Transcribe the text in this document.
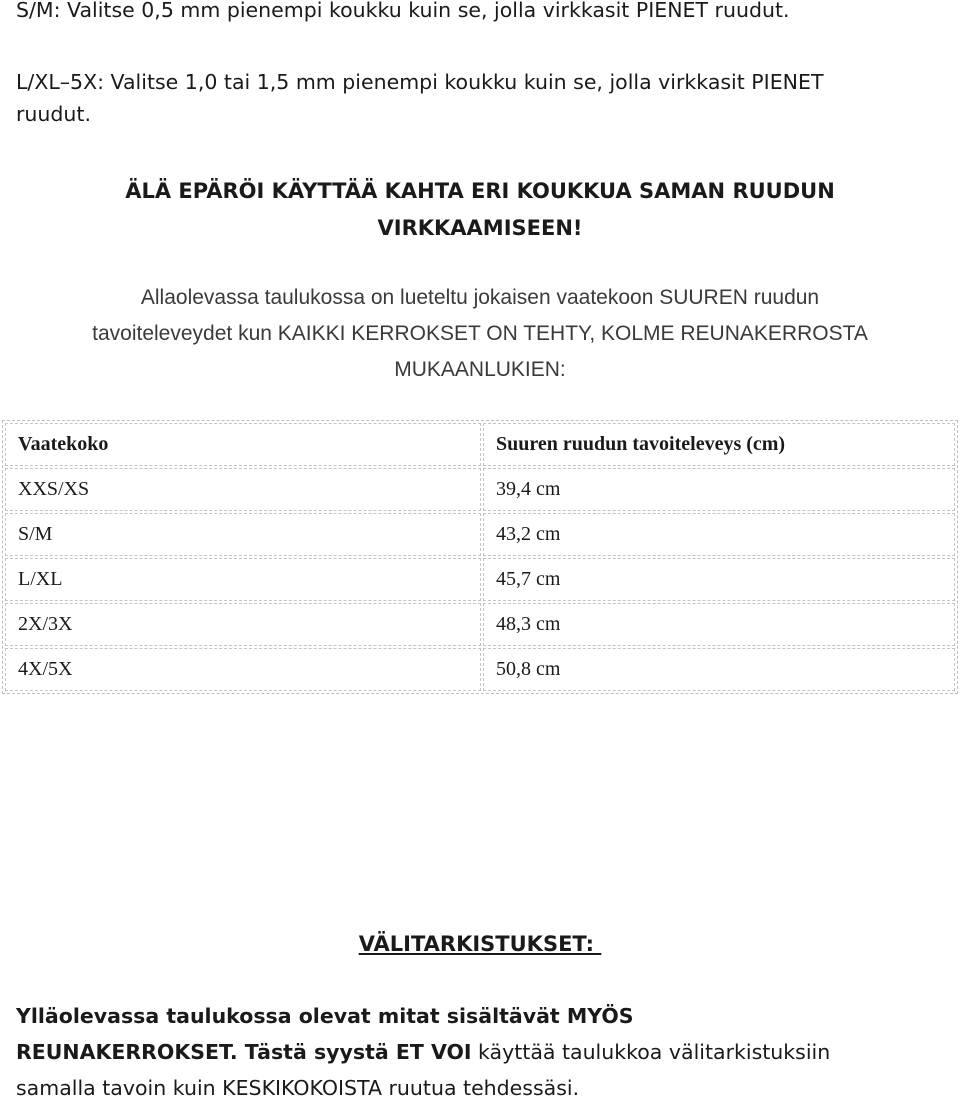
S/M: Valitse 0,5 mm pienempi koukku kuin se, jolla virkkasit PIENET ruudut.
L/XL–5X: Valitse 1,0 tai 1,5 mm pienempi koukku kuin se, jolla virkkasit PIENET
ruudut.
ÄLÄ EPÄRÖI KÄYTTÄÄ KAHTA ERI KOUKKUA SAMAN RUUDUN
VIRKKAAMISEEN!
Allaolevassa taulukossa on lueteltu jokaisen vaatekoon SUUREN ruudun
tavoiteleveydet kun KAIKKI KERROKSET ON TEHTY, KOLME REUNAKERROSTA
MUKAANLUKIEN:
Vaatekoko	Suuren ruudun tavoiteleveys (cm)
XXS/XS	39,4 cm
S/M	43,2 cm
L/XL	45,7 cm
2X/3X	48,3 cm
4X/5X	50,8 cm
VÄLITARKISTUKSET:
Ylläolevassa taulukossa olevat mitat sisältävät MYÖS
REUNAKERROKSET. Tästä syystä ET VOI käyttää taulukkoa välitarkistuksiin
samalla tavoin kuin KESKIKOKOISTA ruutua tehdessäsi.
